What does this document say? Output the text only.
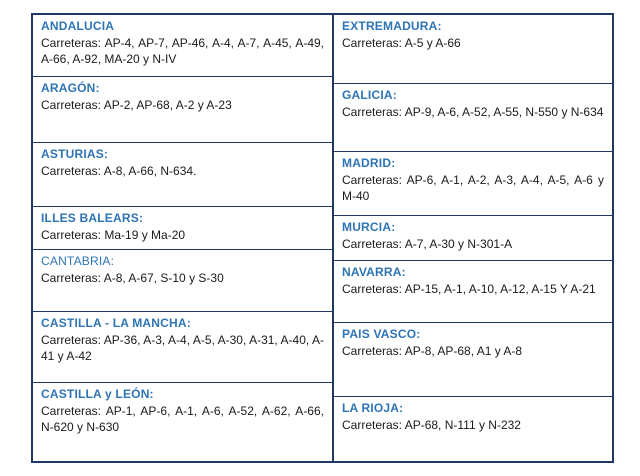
ANDALUCIA
Carreteras: AP-4, AP-7, AP-46, A-4, A-7, A-45, A-49, A-66, A-92, MA-20 y N-IV
ARAGÓN:
Carreteras: AP-2, AP-68, A-2 y A-23
ASTURIAS:
Carreteras: A-8, A-66, N-634.
ILLES BALEARS:
Carreteras: Ma-19 y Ma-20
CANTABRIA:
Carreteras: A-8, A-67, S-10 y S-30
CASTILLA - LA MANCHA:
Carreteras: AP-36, A-3, A-4, A-5, A-30, A-31, A-40, A-41 y A-42
CASTILLA y LEÓN:
Carreteras: AP-1, AP-6, A-1, A-6, A-52, A-62, A-66, N-620 y N-630
EXTREMADURA:
Carreteras: A-5 y A-66
GALICIA:
Carreteras: AP-9, A-6, A-52, A-55, N-550 y N-634
MADRID:
Carreteras: AP-6, A-1, A-2, A-3, A-4, A-5, A-6 y M-40
MURCIA:
Carreteras: A-7, A-30 y N-301-A
NAVARRA:
Carreteras: AP-15, A-1, A-10, A-12, A-15 Y A-21
PAIS VASCO:
Carreteras: AP-8, AP-68, A1 y A-8
LA RIOJA:
Carreteras: AP-68, N-111 y N-232
